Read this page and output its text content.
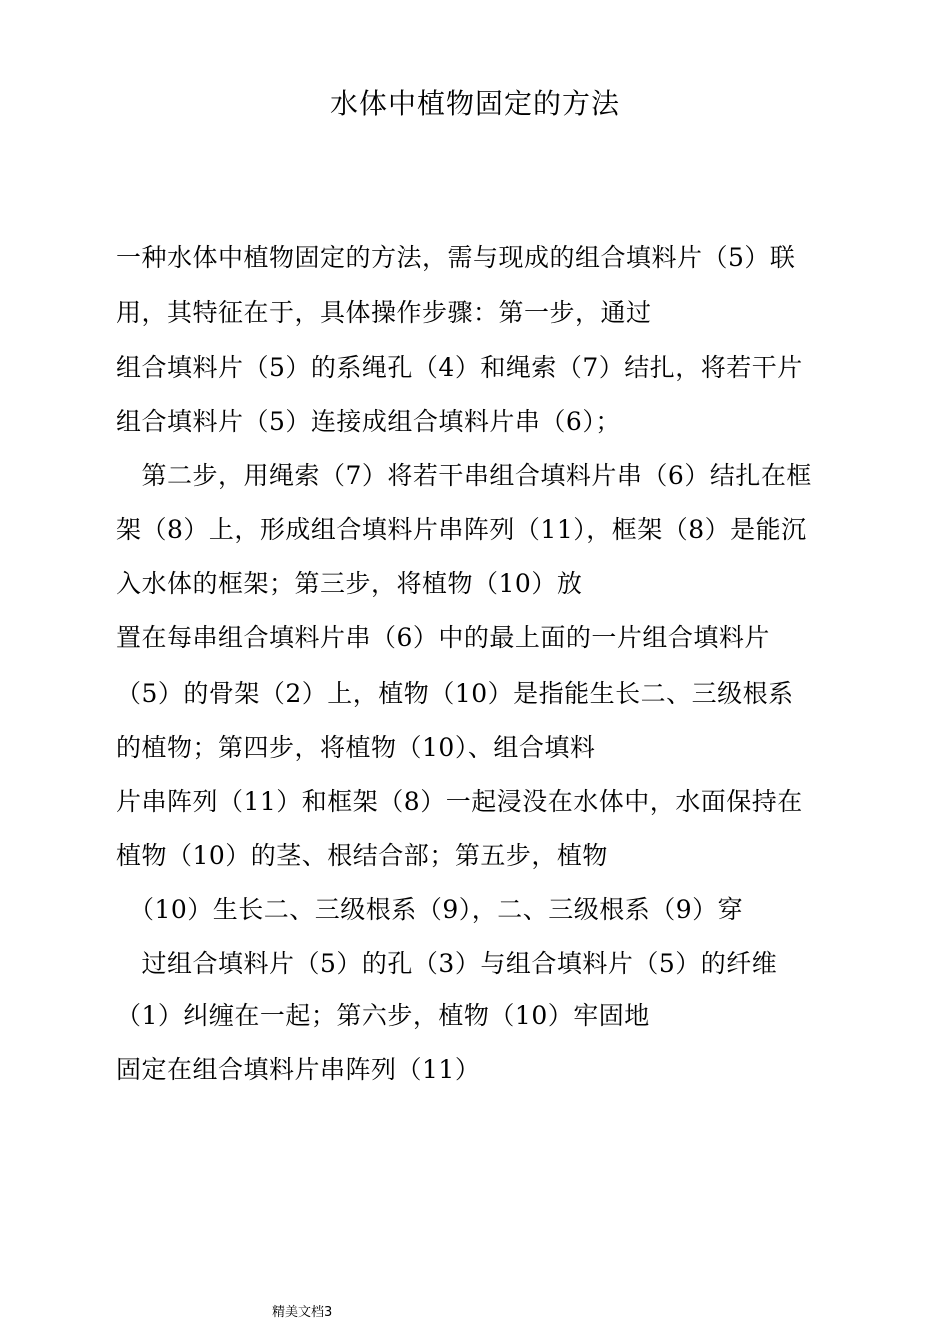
水体中植物固定的方法
一种水体中植物固定的方法，需与现成的组合填料片（5）联
用，其特征在于，具体操作步骤：第一步，通过
组合填料片（5）的系绳孔（4）和绳索（7）结扎，将若干片
组合填料片（5）连接成组合填料片串（6）；
　第二步，用绳索（7）将若干串组合填料片串（6）结扎在框
架（8）上，形成组合填料片串阵列（11），框架（8）是能沉
入水体的框架；第三步，将植物（10）放
置在每串组合填料片串（6）中的最上面的一片组合填料片
（5）的骨架（2）上，植物（10）是指能生长二、三级根系
的植物；第四步，将植物（10）、组合填料
片串阵列（11）和框架（8）一起浸没在水体中，水面保持在
植物（10）的茎、根结合部；第五步，植物
　（10）生长二、三级根系（9），二、三级根系（9）穿
　过组合填料片（5）的孔（3）与组合填料片（5）的纤维
（1）纠缠在一起；第六步，植物（10）牢固地
固定在组合填料片串阵列（11）
精美文档3
